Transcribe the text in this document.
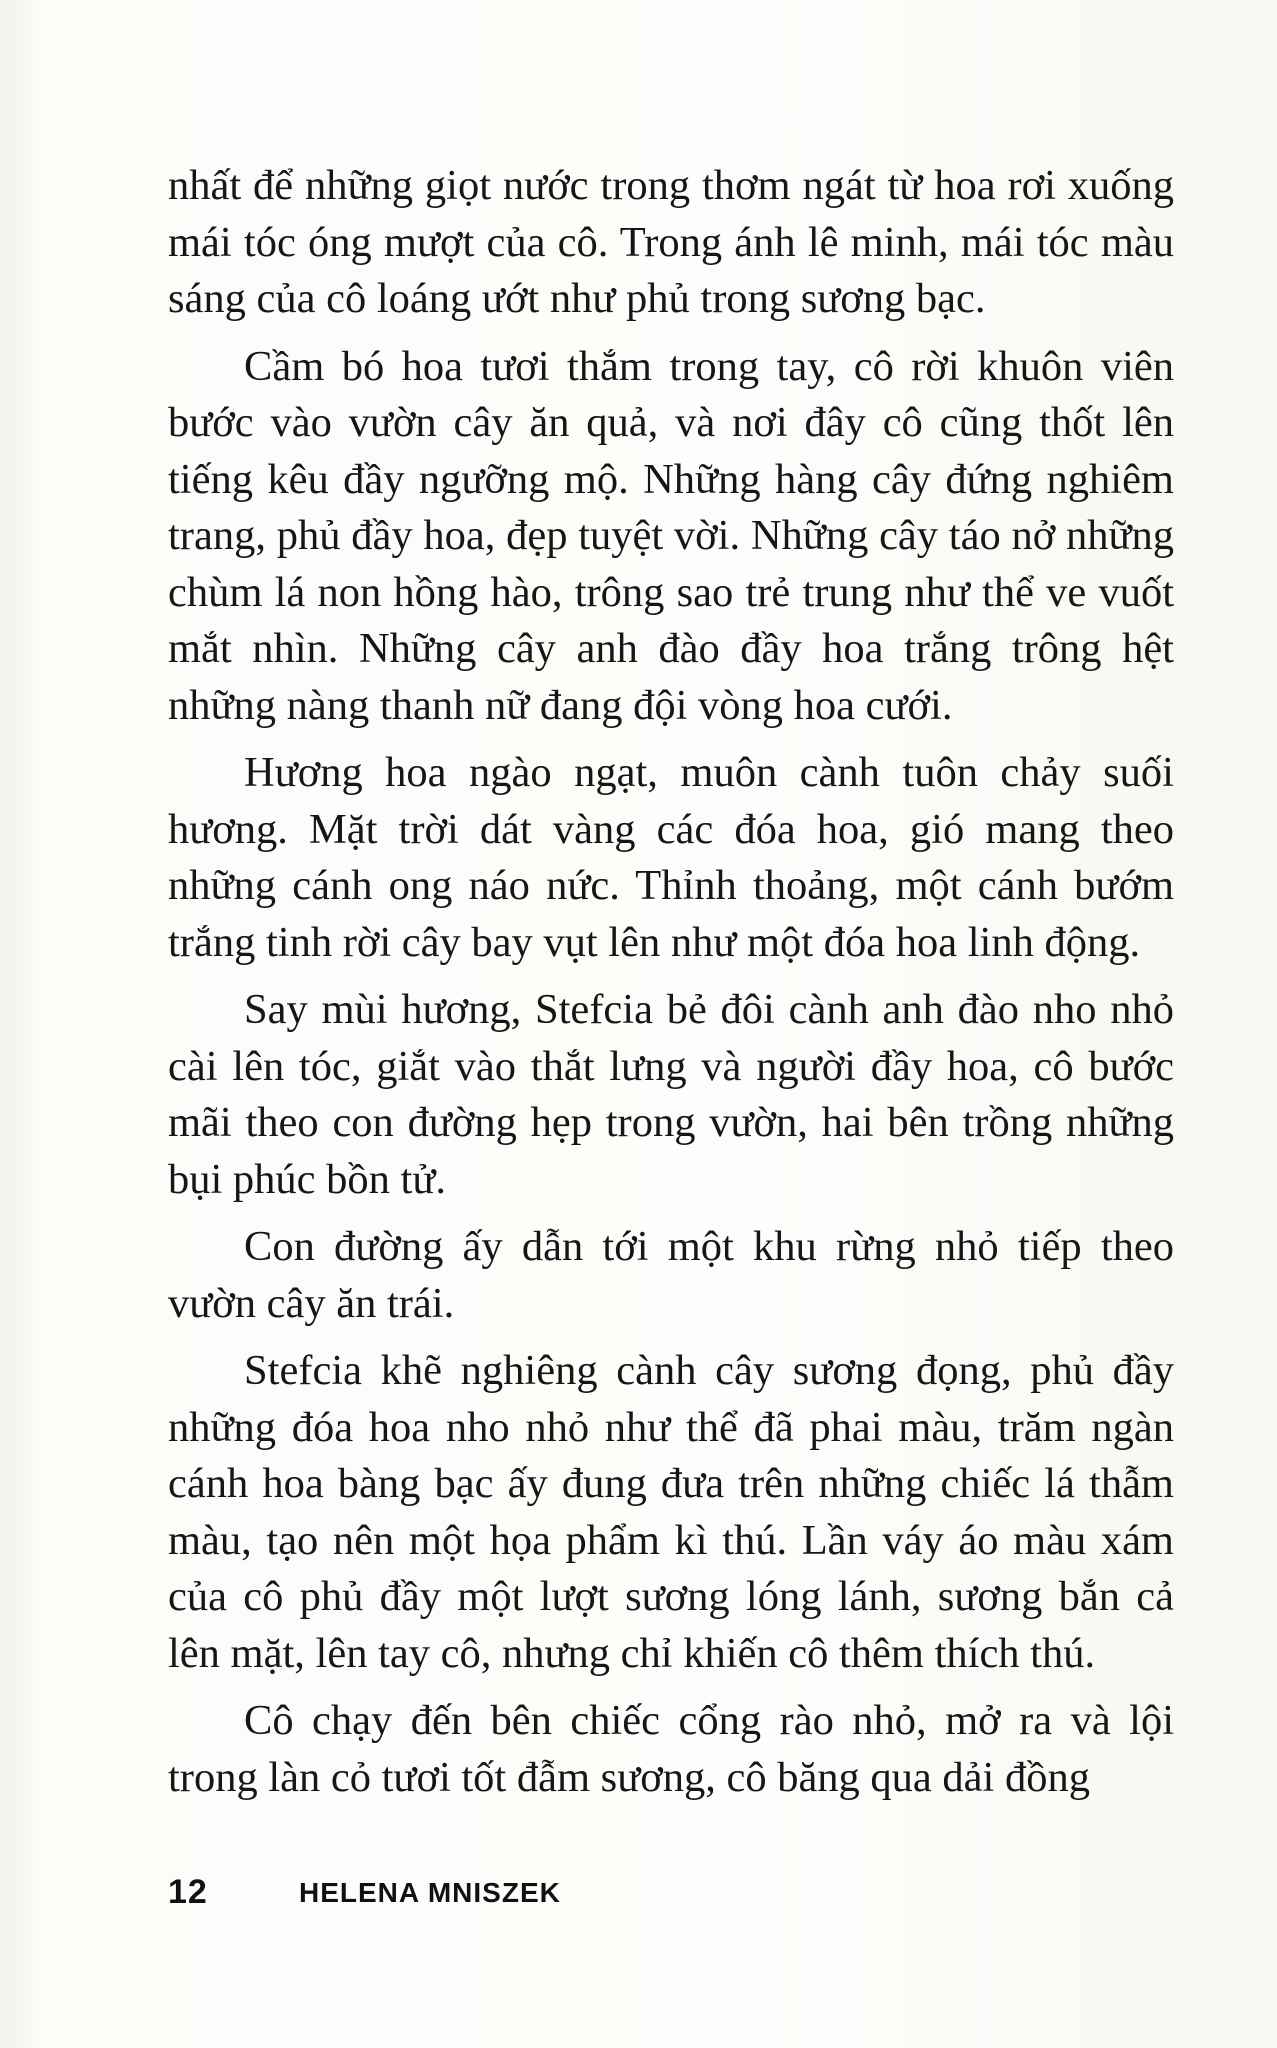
nhất để những giọt nước trong thơm ngát từ hoa rơi xuống mái tóc óng mượt của cô. Trong ánh lê minh, mái tóc màu sáng của cô loáng ướt như phủ trong sương bạc.

Cầm bó hoa tươi thắm trong tay, cô rời khuôn viên bước vào vườn cây ăn quả, và nơi đây cô cũng thốt lên tiếng kêu đầy ngưỡng mộ. Những hàng cây đứng nghiêm trang, phủ đầy hoa, đẹp tuyệt vời. Những cây táo nở những chùm lá non hồng hào, trông sao trẻ trung như thể ve vuốt mắt nhìn. Những cây anh đào đầy hoa trắng trông hệt những nàng thanh nữ đang đội vòng hoa cưới.

Hương hoa ngào ngạt, muôn cành tuôn chảy suối hương. Mặt trời dát vàng các đóa hoa, gió mang theo những cánh ong náo nức. Thỉnh thoảng, một cánh bướm trắng tinh rời cây bay vụt lên như một đóa hoa linh động.

Say mùi hương, Stefcia bẻ đôi cành anh đào nho nhỏ cài lên tóc, giắt vào thắt lưng và người đầy hoa, cô bước mãi theo con đường hẹp trong vườn, hai bên trồng những bụi phúc bồn tử.

Con đường ấy dẫn tới một khu rừng nhỏ tiếp theo vườn cây ăn trái.

Stefcia khẽ nghiêng cành cây sương đọng, phủ đầy những đóa hoa nho nhỏ như thể đã phai màu, trăm ngàn cánh hoa bàng bạc ấy đung đưa trên những chiếc lá thẫm màu, tạo nên một họa phẩm kì thú. Lần váy áo màu xám của cô phủ đầy một lượt sương lóng lánh, sương bắn cả lên mặt, lên tay cô, nhưng chỉ khiến cô thêm thích thú.

Cô chạy đến bên chiếc cổng rào nhỏ, mở ra và lội trong làn cỏ tươi tốt đẫm sương, cô băng qua dải đồng

12	HELENA MNISZEK
